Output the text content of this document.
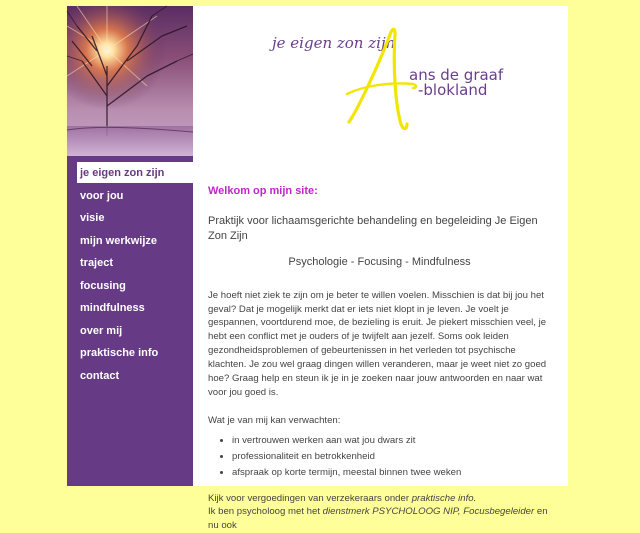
je eigen zon zijn
voor jou
visie
mijn werkwijze
traject
focusing
mindfulness
over mij
praktische info
contact
je eigen zon zijn
ans de graaf
-blokland

Welkom op mijn site:

Praktijk voor lichaamsgerichte behandeling en begeleiding Je Eigen Zon Zijn

Psychologie - Focusing - Mindfulness

Je hoeft niet ziek te zijn om je beter te willen voelen. Misschien is dat bij jou het geval? Dat je mogelijk merkt dat er iets niet klopt in je leven. Je voelt je gespannen, voortdurend moe, de bezieling is eruit. Je piekert misschien veel, je hebt een conflict met je ouders of je twijfelt aan jezelf. Soms ook leiden gezondheidsproblemen of gebeurtenissen in het verleden tot psychische klachten. Je zou wel graag dingen willen veranderen, maar je weet niet zo goed hoe? Graag help en steun ik je in je zoeken naar jouw antwoorden en naar wat voor jou goed is.

Wat je van mij kan verwachten:

• in vertrouwen werken aan wat jou dwars zit
• professionaliteit en betrokkenheid
• afspraak op korte termijn, meestal binnen twee weken

Kijk voor vergoedingen van verzekeraars onder praktische info.

Ik ben psycholoog met het dienstmerk PSYCHOLOOG NIP, Focusbegeleider en nu ook
